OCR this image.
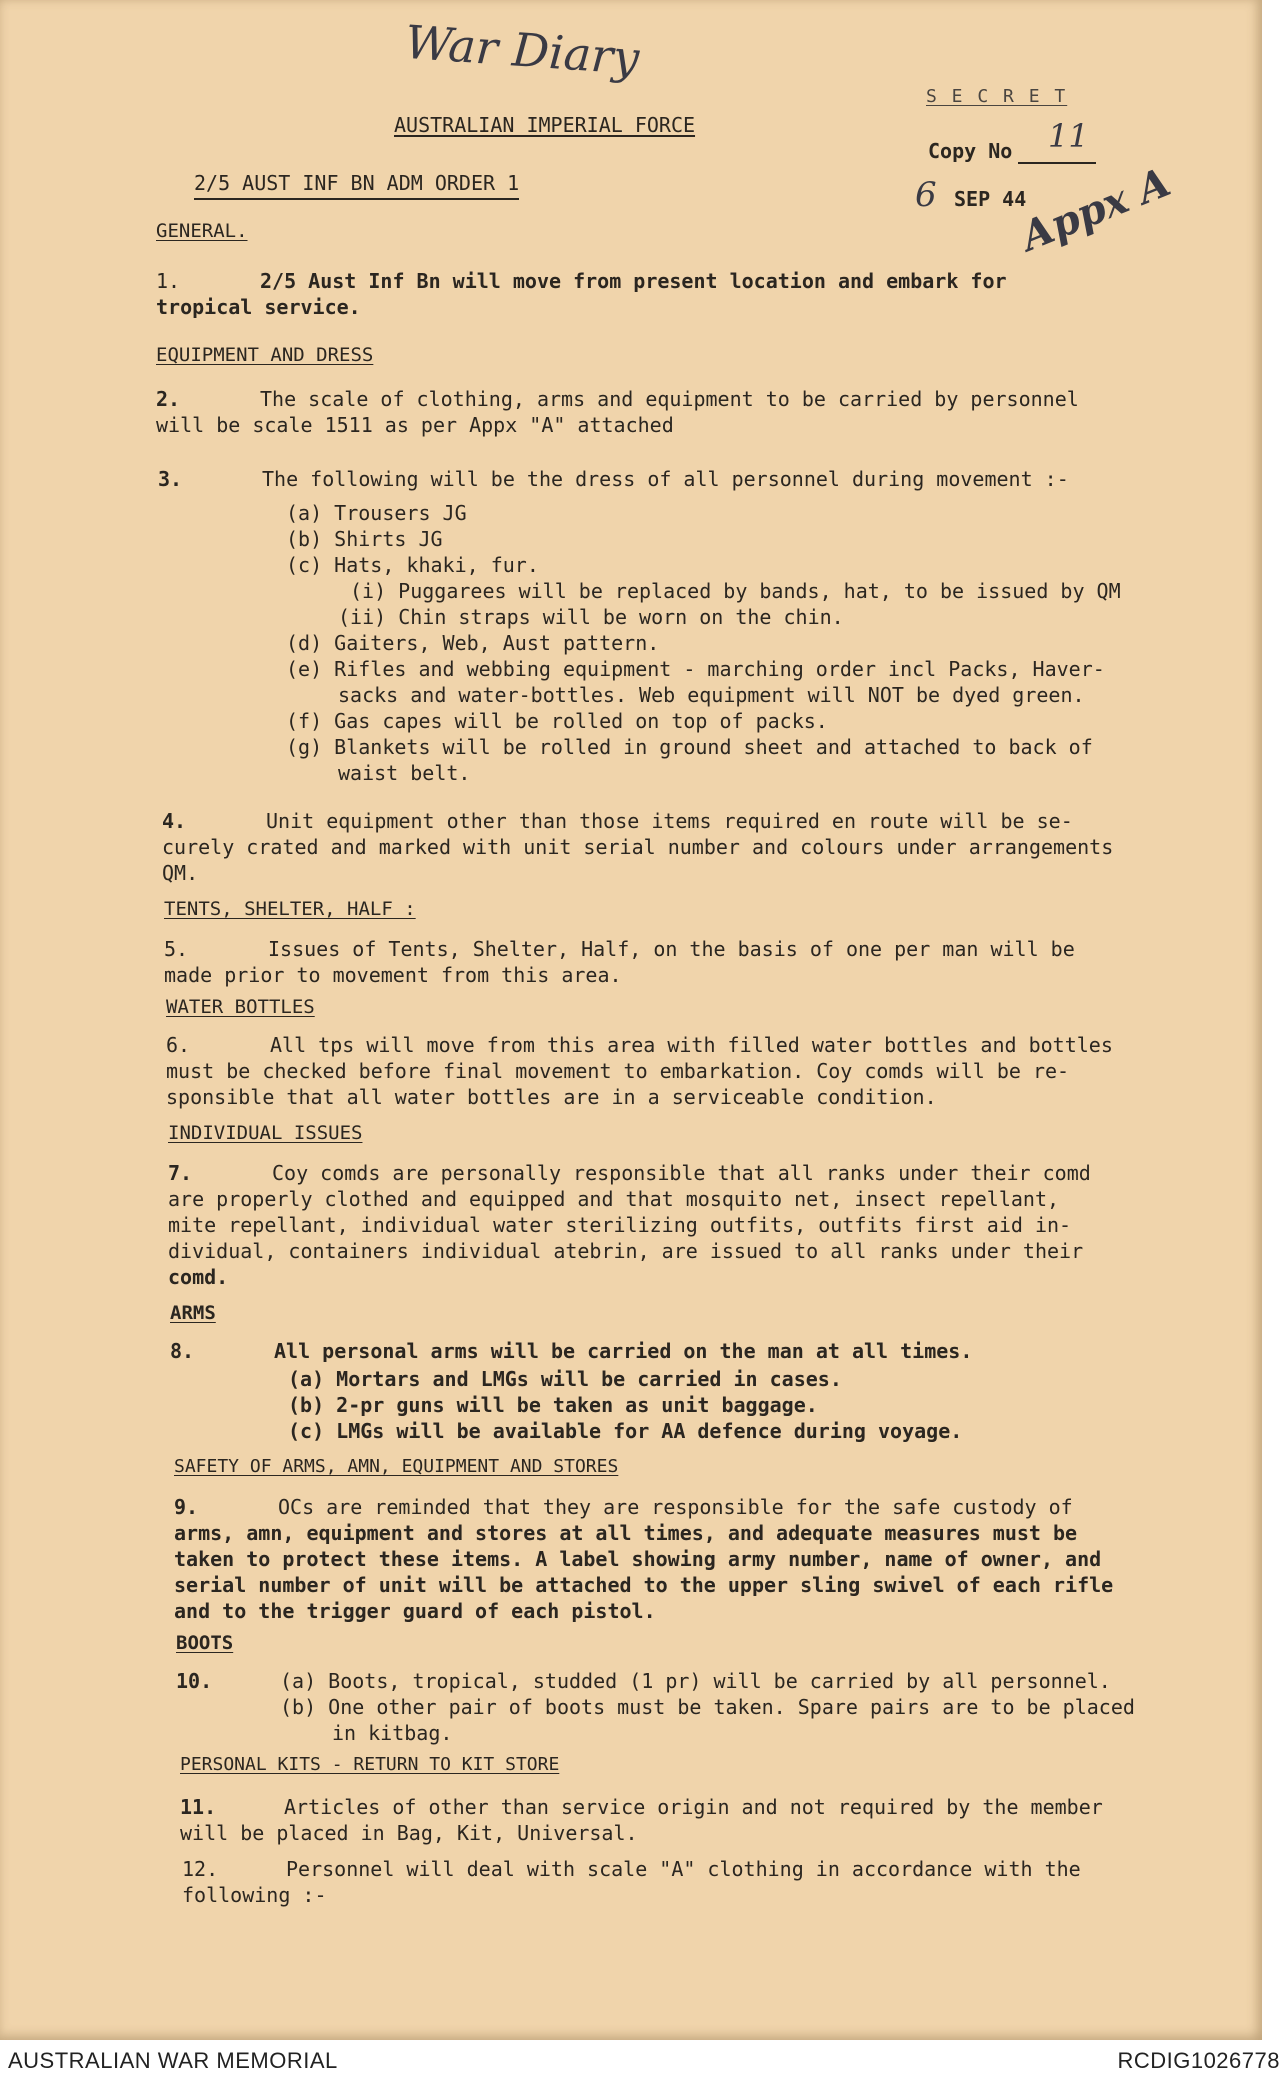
War Diary
11
6 Appx A
S E C R E T
AUSTRALIAN IMPERIAL FORCE
Copy No
SEP 44
2/5 AUST INF BN ADM ORDER 1
GENERAL.
1.	2/5 Aust Inf Bn will move from present location and embark for
tropical service.
EQUIPMENT AND DRESS
2.	The scale of clothing, arms and equipment to be carried by personnel
will be scale 1511 as per Appx "A" attached
3.	The following will be the dress of all personnel during movement :-
(a) Trousers JG
(b) Shirts JG
(c) Hats, khaki, fur.
(i) Puggarees will be replaced by bands, hat, to be issued by QM
(ii) Chin straps will be worn on the chin.
(d) Gaiters, Web, Aust pattern.
(e) Rifles and webbing equipment - marching order incl Packs, Haver-
sacks and water-bottles. Web equipment will NOT be dyed green.
(f) Gas capes will be rolled on top of packs.
(g) Blankets will be rolled in ground sheet and attached to back of
waist belt.
4.	Unit equipment other than those items required en route will be se-
curely crated and marked with unit serial number and colours under arrangements
QM.
TENTS, SHELTER, HALF :
5.	Issues of Tents, Shelter, Half, on the basis of one per man will be
made prior to movement from this area.
WATER BOTTLES
6.	All tps will move from this area with filled water bottles and bottles
must be checked before final movement to embarkation. Coy comds will be re-
sponsible that all water bottles are in a serviceable condition.
INDIVIDUAL ISSUES
7.	Coy comds are personally responsible that all ranks under their comd
are properly clothed and equipped and that mosquito net, insect repellant,
mite repellant, individual water sterilizing outfits, outfits first aid in-
dividual, containers individual atebrin, are issued to all ranks under their
comd.
ARMS
8.	All personal arms will be carried on the man at all times.
(a) Mortars and LMGs will be carried in cases.
(b) 2-pr guns will be taken as unit baggage.
(c) LMGs will be available for AA defence during voyage.
SAFETY OF ARMS, AMN, EQUIPMENT AND STORES
9.	OCs are reminded that they are responsible for the safe custody of
arms, amn, equipment and stores at all times, and adequate measures must be
taken to protect these items. A label showing army number, name of owner, and
serial number of unit will be attached to the upper sling swivel of each rifle
and to the trigger guard of each pistol.
BOOTS
10.	(a) Boots, tropical, studded (1 pr) will be carried by all personnel.
(b) One other pair of boots must be taken. Spare pairs are to be placed
in kitbag.
PERSONAL KITS - RETURN TO KIT STORE
11.	Articles of other than service origin and not required by the member
will be placed in Bag, Kit, Universal.
12.	Personnel will deal with scale "A" clothing in accordance with the
following :-
AUSTRALIAN WAR MEMORIAL	RCDIG1026778
